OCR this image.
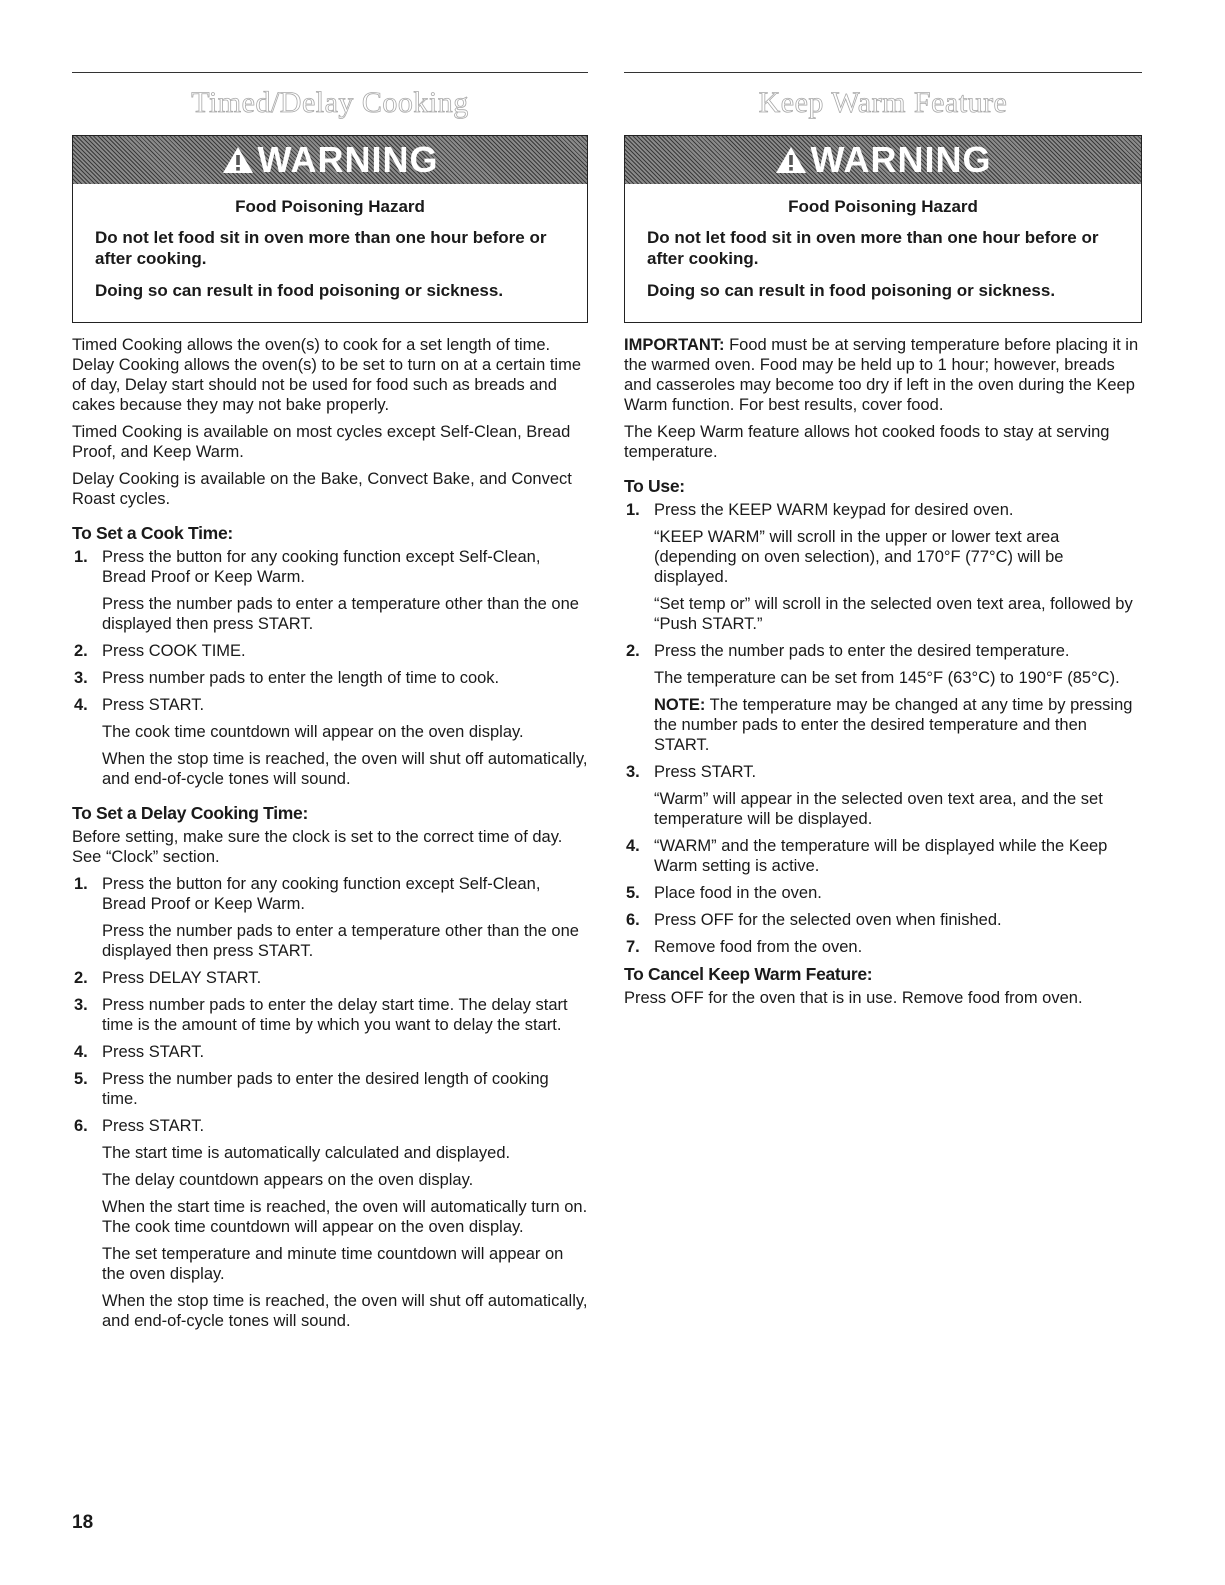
Timed/Delay Cooking
WARNING
Food Poisoning Hazard
Do not let food sit in oven more than one hour before or after cooking.
Doing so can result in food poisoning or sickness.

Timed Cooking allows the oven(s) to cook for a set length of time. Delay Cooking allows the oven(s) to be set to turn on at a certain time of day, Delay start should not be used for food such as breads and cakes because they may not bake properly.

Timed Cooking is available on most cycles except Self-Clean, Bread Proof, and Keep Warm.

Delay Cooking is available on the Bake, Convect Bake, and Convect Roast cycles.

To Set a Cook Time:
1. Press the button for any cooking function except Self-Clean, Bread Proof or Keep Warm.
Press the number pads to enter a temperature other than the one displayed then press START.
2. Press COOK TIME.
3. Press number pads to enter the length of time to cook.
4. Press START.
The cook time countdown will appear on the oven display.
When the stop time is reached, the oven will shut off automatically, and end-of-cycle tones will sound.
To Set a Delay Cooking Time:

Before setting, make sure the clock is set to the correct time of day. See “Clock” section.

1. Press the button for any cooking function except Self-Clean, Bread Proof or Keep Warm.
Press the number pads to enter a temperature other than the one displayed then press START.
2. Press DELAY START.
3. Press number pads to enter the delay start time. The delay start time is the amount of time by which you want to delay the start.
4. Press START.
5. Press the number pads to enter the desired length of cooking time.
6. Press START.
The start time is automatically calculated and displayed.
The delay countdown appears on the oven display.
When the start time is reached, the oven will automatically turn on. The cook time countdown will appear on the oven display.
The set temperature and minute time countdown will appear on the oven display.
When the stop time is reached, the oven will shut off automatically, and end-of-cycle tones will sound.
Keep Warm Feature
WARNING
Food Poisoning Hazard
Do not let food sit in oven more than one hour before or after cooking.
Doing so can result in food poisoning or sickness.

IMPORTANT: Food must be at serving temperature before placing it in the warmed oven. Food may be held up to 1 hour; however, breads and casseroles may become too dry if left in the oven during the Keep Warm function. For best results, cover food.

The Keep Warm feature allows hot cooked foods to stay at serving temperature.

To Use:
1. Press the KEEP WARM keypad for desired oven.
“KEEP WARM” will scroll in the upper or lower text area (depending on oven selection), and 170°F (77°C) will be displayed.
“Set temp or” will scroll in the selected oven text area, followed by “Push START.”
2. Press the number pads to enter the desired temperature.
The temperature can be set from 145°F (63°C) to 190°F (85°C).
NOTE: The temperature may be changed at any time by pressing the number pads to enter the desired temperature and then START.
3. Press START.
“Warm” will appear in the selected oven text area, and the set temperature will be displayed.
4. “WARM” and the temperature will be displayed while the Keep Warm setting is active.
5. Place food in the oven.
6. Press OFF for the selected oven when finished.
7. Remove food from the oven.
To Cancel Keep Warm Feature:

Press OFF for the oven that is in use. Remove food from oven.

18
